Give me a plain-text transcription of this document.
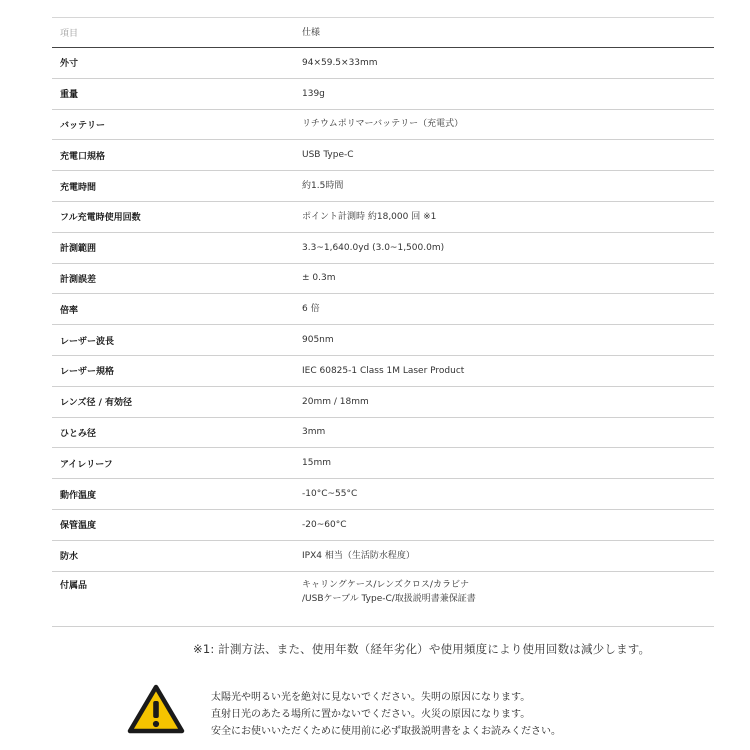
項目	仕様
外寸	94×59.5×33mm
重量	139g
バッテリー	リチウムポリマーバッテリー（充電式）
充電口規格	USB Type-C
充電時間	約1.5時間
フル充電時使用回数	ポイント計測時 約18,000 回 ※1
計測範囲	3.3~1,640.0yd (3.0~1,500.0m)
計測誤差	± 0.3m
倍率	6 倍
レーザー波長	905nm
レーザー規格	IEC 60825-1 Class 1M Laser Product
レンズ径 / 有効径	20mm / 18mm
ひとみ径	3mm
アイレリーフ	15mm
動作温度	-10°C~55°C
保管温度	-20~60°C
防水	IPX4 相当（生活防水程度）
付属品	キャリングケース/レンズクロス/カラビナ
/USBケーブル Type-C/取扱説明書兼保証書
※1: 計測方法、また、使用年数（経年劣化）や使用頻度により使用回数は減少します。
太陽光や明るい光を絶対に見ないでください。失明の原因になります。
直射日光のあたる場所に置かないでください。火災の原因になります。
安全にお使いいただくために使用前に必ず取扱説明書をよくお読みください。
